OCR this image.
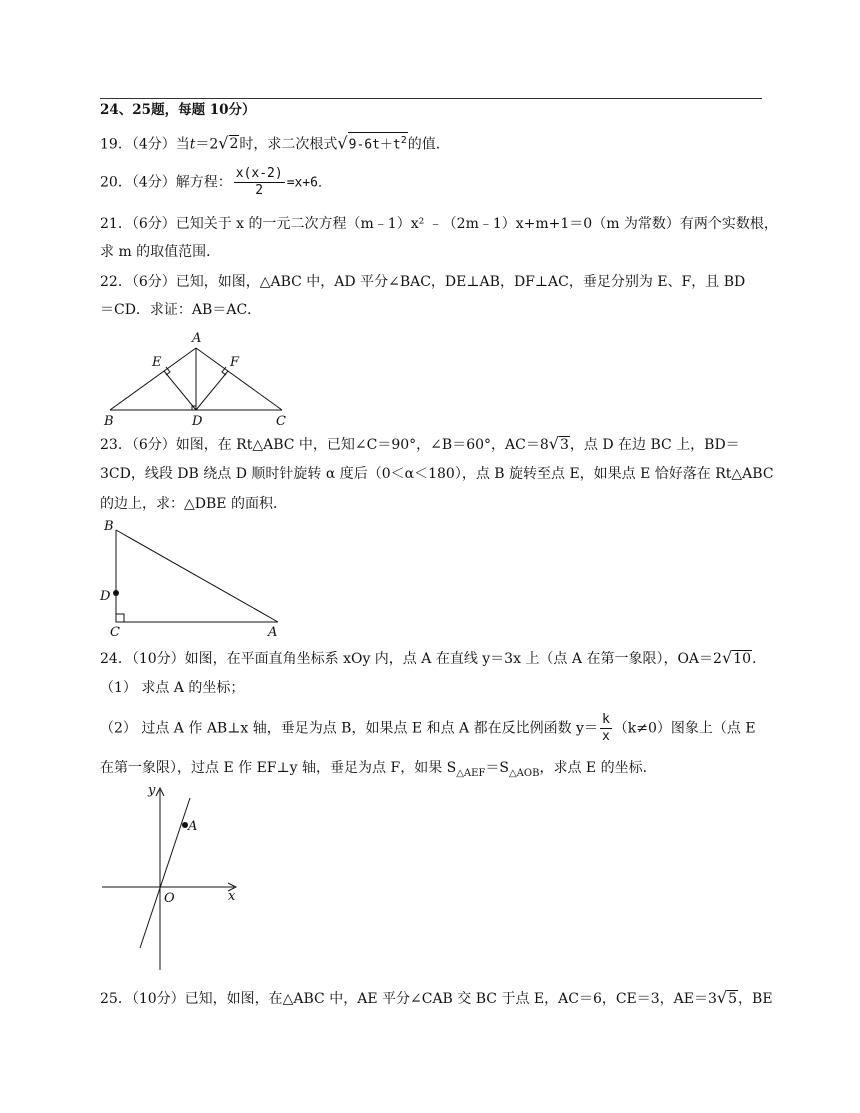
24、25题，每题 10分）
19．（4分）当t＝2√2时，求二次根式$√9-6t+t^2$的值．
20．（4分）解方程： $\frac{x(x-2)}{2} =x+6$．
21．（6分）已知关于 x 的一元二次方程（m﹣1）x² ﹣（2m﹣1）x+m+1＝0（m 为常数）有两个实数根，
求 m 的取值范围．
22．（6分）已知，如图，△ABC 中，AD 平分∠BAC，DE⊥AB，DF⊥AC，垂足分别为 E、F，且 BD
＝CD．求证：AB＝AC．
A
E	F
B	D	C
23．（6分）如图，在 Rt△ABC 中，已知∠C＝90°，∠B＝60°，AC＝8√3，点 D 在边 BC 上，BD＝
3CD，线段 DB 绕点 D 顺时针旋转 α 度后（0＜α＜180），点 B 旋转至点 E，如果点 E 恰好落在 Rt△ABC
的边上，求：△DBE 的面积．
B
D
C	A
24．（10分）如图，在平面直角坐标系 xOy 内，点 A 在直线 y＝3x 上（点 A 在第一象限），OA＝2√10.
（1） 求点 A 的坐标；
（2） 过点 A 作 AB⊥x 轴，垂足为点 B，如果点 E 和点 A 都在反比例函数 $y= \frac{k}{x} (k\ne 0)$图象上（点 E
在第一象限），过点 E 作 EF⊥y 轴，垂足为点 F，如果 $S_{\triangle AEF}=S_{\triangle AOB}$，求点 E 的坐标．
y
A
O	x
25．（10分）已知，如图，在△ABC 中，AE 平分∠CAB 交 BC 于点 E，AC＝6，CE＝3，AE＝3√5，BE
